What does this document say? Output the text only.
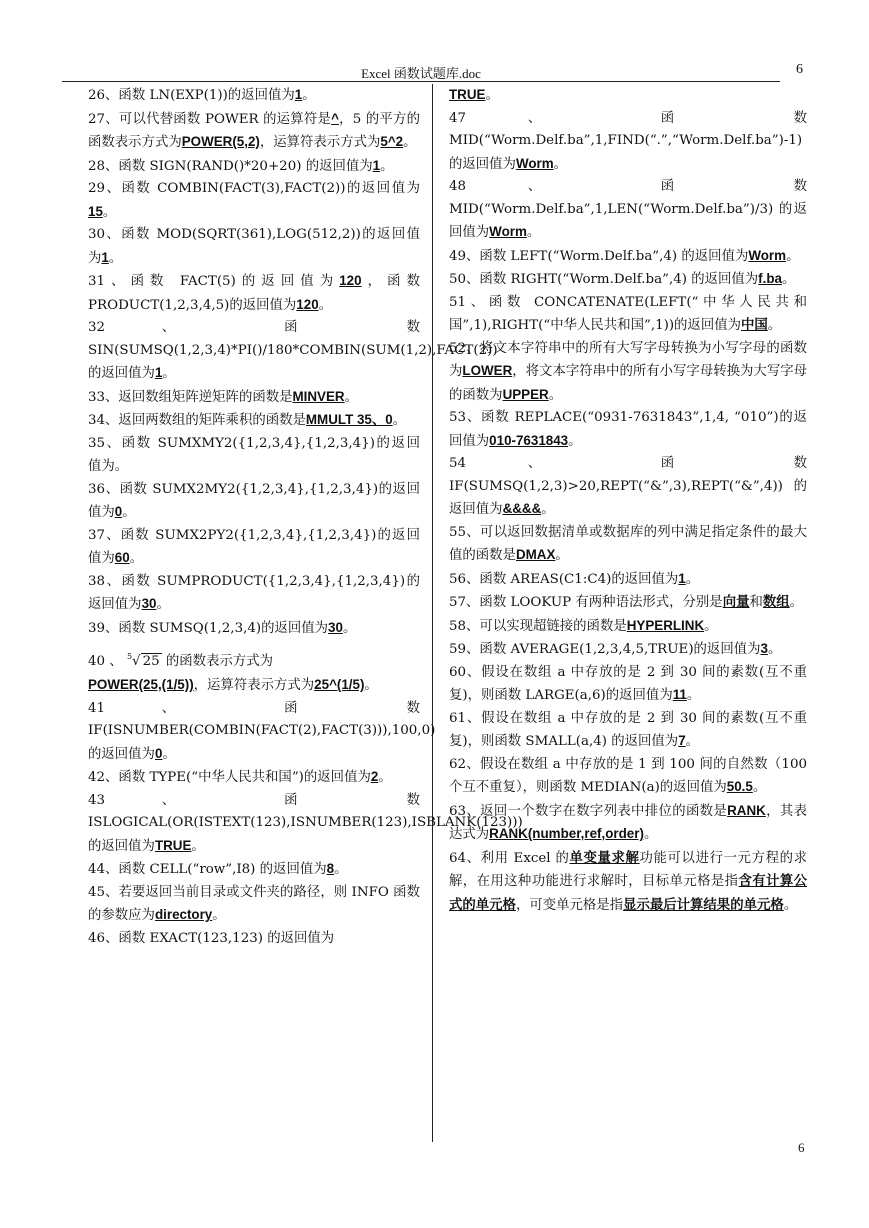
Excel 函数试题库.doc	6

26、函数 LN(EXP(1))的返回值为1。

27、可以代替函数 POWER 的运算符是^，5 的平方的函数表示方式为POWER(5,2)，运算符表示方式为5^2。

28、函数 SIGN(RAND()*20+20) 的返回值为1。

29、函数 COMBIN(FACT(3),FACT(2))的返回值为15。

30、函数 MOD(SQRT(361),LOG(512,2))的返回值为1。

31、函数 FACT(5)的返回值为120，函数 PRODUCT(1,2,3,4,5)的返回值为120。

32 、 函 数 SIN(SUMSQ(1,2,3,4)*PI()/180*COMBIN(SUM(1,2),FACT(2))的返回值为1。

33、返回数组矩阵逆矩阵的函数是MINVER。

34、返回两数组的矩阵乘积的函数是MMULT 35、0。

35、函数 SUMXMY2({1,2,3,4},{1,2,3,4})的返回值为。

36、函数 SUMX2MY2({1,2,3,4},{1,2,3,4})的返回值为0。

37、函数 SUMX2PY2({1,2,3,4},{1,2,3,4})的返回值为60。

38、函数 SUMPRODUCT({1,2,3,4},{1,2,3,4})的返回值为30。

39、函数 SUMSQ(1,2,3,4)的返回值为30。

40 、 $^5$√ 25 的函数表示方式为

POWER(25,(1/5))，运算符表示方式为25^(1/5)。

41 、 函 数 IF(ISNUMBER(COMBIN(FACT(2),FACT(3))),100,0)的返回值为0。

42、函数 TYPE(“中华人民共和国”)的返回值为2。

43 、 函 数 ISLOGICAL(OR(ISTEXT(123),ISNUMBER(123),ISBLANK(123)))的返回值为TRUE。

44、函数 CELL(“row”,I8) 的返回值为8。

45、若要返回当前目录或文件夹的路径，则 INFO 函数的参数应为directory。

46、函数 EXACT(123,123) 的返回值为

TRUE。

47 、 函 数 MID(“Worm.Delf.ba”,1,FIND(“.”,“Worm.Delf.ba”)-1)的返回值为Worm。

48 、 函 数 MID(“Worm.Delf.ba”,1,LEN(“Worm.Delf.ba”)/3) 的返回值为Worm。

49、函数 LEFT(“Worm.Delf.ba”,4) 的返回值为Worm。

50、函数 RIGHT(“Worm.Delf.ba”,4) 的返回值为f.ba。

51、函数 CONCATENATE(LEFT(“中华人民共和国”,1),RIGHT(“中华人民共和国”,1))的返回值为中国。

52、将文本字符串中的所有大写字母转换为小写字母的函数为LOWER，将文本字符串中的所有小写字母转换为大写字母的函数为UPPER。

53、函数 REPLACE(“0931-7631843”,1,4, “010”)的返回值为010-7631843。

54 、 函 数 IF(SUMSQ(1,2,3)>20,REPT(“&”,3),REPT(“&”,4))的返回值为&&&&。

55、可以返回数据清单或数据库的列中满足指定条件的最大值的函数是DMAX。

56、函数 AREAS(C1:C4)的返回值为1。

57、函数 LOOKUP 有两种语法形式，分别是向量和数组。

58、可以实现超链接的函数是HYPERLINK。

59、函数 AVERAGE(1,2,3,4,5,TRUE)的返回值为3。

60、假设在数组 a 中存放的是 2 到 30 间的素数(互不重复)，则函数 LARGE(a,6)的返回值为11。

61、假设在数组 a 中存放的是 2 到 30 间的素数(互不重复)，则函数 SMALL(a,4) 的返回值为7。

62、假设在数组 a 中存放的是 1 到 100 间的自然数（100 个互不重复），则函数 MEDIAN(a)的返回值为50.5。

63、返回一个数字在数字列表中排位的函数是RANK，其表达式为RANK(number,ref,order)。

64、利用 Excel 的单变量求解功能可以进行一元方程的求解，在用这种功能进行求解时，目标单元格是指含有计算公式的单元格，可变单元格是指显示最后计算结果的单元格。

6
